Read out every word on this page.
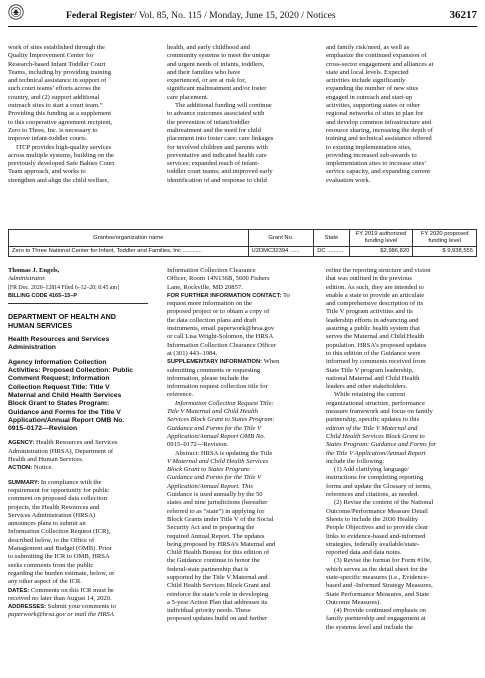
Federal Register/ Vol. 85, No. 115 / Monday, June 15, 2020 / Notices	36217

work of sites established through the

Quality Improvement Center for

Research-based Infant Toddler Court

Teams, including by providing training

and technical assistance in support of

such court teams’ efforts across the

country, and (2) support additional

outreach sites to start a court team.”

Providing this funding as a supplement

to this cooperative agreement recipient,

Zero to Three, Inc. is necessary to

improve infant-toddler courts.

ITCP provides high-quality services

across multiple systems, building on the

previously developed Safe Babies Court

Team approach, and works to

strengthen and align the child welfare,

health, and early childhood and

community systems to meet the unique

and urgent needs of infants, toddlers,

and their families who have

experienced, or are at risk for,

significant maltreatment and/or foster

care placement.

The additional funding will continue

to advance outcomes associated with

the prevention of infant/toddler

maltreatment and the need for child

placement into foster care; care linkages

for involved children and parents with

preventative and indicated health care

services; expanded reach of infant-

toddler court teams; and improved early

identification of and response to child

and family risk/need, as well as

emphasize the continued expansion of

cross-sector engagement and alliances at

state and local levels. Expected

activities include significantly

expanding the number of new sites

engaged in outreach and start-up

activities, supporting states or other

regional networks of sites to plan for

and develop common infrastructure and

resource sharing, increasing the depth of

training and technical assistance offered

to existing implementation sites,

providing increased sub-awards to

implementation sites to increase sites’

service capacity, and expanding current

evaluation work.

Grantee/organization name	Grant No.	State	FY 2019 authorized funding level	FY 2020 proposed funding level
Zero to Three National Center for Infant, Toddler and Families, Inc ............	U2DMC32394 ......	DC ..........	$2,986,820	$ 9,938,555

Thomas J. Engels,

Administrator.

[FR Doc. 2020–12814 Filed 6–12–20; 8:45 am]

BILLING CODE 4165–15–P

DEPARTMENT OF HEALTH AND

HUMAN SERVICES

Health Resources and Services

Administration

Agency Information Collection

Activities: Proposed Collection: Public

Comment Request; Information

Collection Request Title: Title V

Maternal and Child Health Services

Block Grant to States Program:

Guidance and Forms for the Title V

Application/Annual Report OMB No.

0915–0172—Revision

AGENCY: Health Resources and Services

Administration (HRSA), Department of

Health and Human Services.

ACTION: Notice.

SUMMARY: In compliance with the

requirement for opportunity for public

comment on proposed data collection

projects, the Health Resources and

Services Administration (HRSA)

announces plans to submit an

Information Collection Request (ICR),

described below, to the Office of

Management and Budget (OMB). Prior

to submitting the ICR to OMB, HRSA

seeks comments from the public

regarding the burden estimate, below, or

any other aspect of the ICR.

DATES: Comments on this ICR must be

received no later than August 14, 2020.

ADDRESSES: Submit your comments to

paperwork@hrsa.gov or mail the HRSA

Information Collection Clearance

Officer, Room 14N136B, 5600 Fishers

Lane, Rockville, MD 20857.

FOR FURTHER INFORMATION CONTACT: To

request more information on the

proposed project or to obtain a copy of

the data collection plans and draft

instruments, email paperwork@hrsa.gov

or call Lisa Wright-Solomon, the HRSA

Information Collection Clearance Officer

at (301) 443–1984.

SUPPLEMENTARY INFORMATION: When

submitting comments or requesting

information, please include the

information request collection title for

reference.

Information Collection Request Title:

Title V Maternal and Child Health

Services Block Grant to States Program:

Guidance and Forms for the Title V

Application/Annual Report OMB No.

0915–0172—Revision.

Abstract: HRSA is updating the Title

V Maternal and Child Health Services

Block Grant to States Program:

Guidance and Forms for the Title V

Application/Annual Report. This

Guidance is used annually by the 50

states and nine jurisdictions (hereafter

referred to as “state”) in applying for

Block Grants under Title V of the Social

Security Act and in preparing the

required Annual Report. The updates

being proposed by HRSA’s Maternal and

Child Health Bureau for this edition of

the Guidance continue to honor the

federal-state partnership that is

supported by the Title V Maternal and

Child Health Services Block Grant and

reinforce the state’s role in developing

a 5-year Action Plan that addresses its

individual priority needs. These

proposed updates build on and further

refine the reporting structure and vision

that was outlined in the previous

edition. As such, they are intended to

enable a state to provide an articulate

and comprehensive description of its

Title V program activities and its

leadership efforts in advancing and

assuring a public health system that

serves the Maternal and Child Health

population. HRSA’s proposed updates

to this edition of the Guidance were

informed by comments received from

State Title V program leadership,

national Maternal and Child Health

leaders and other stakeholders.

While retaining the current

organizational structure, performance

measure framework and focus on family

partnership, specific updates to this

edition of the Title V Maternal and

Child Health Services Block Grant to

States Program: Guidance and Forms for

the Title V Application/Annual Report

include the following:

(1) Add clarifying language/

instructions for completing reporting

forms and update the Glossary of terms,

references and citations, as needed.

(2) Revise the content of the National

Outcome/Performance Measure Detail

Sheets to include the 2030 Healthy

People Objectives and to provide clear

links to evidence-based and-informed

strategies, federally available/state-

reported data and data notes.

(3) Revise the format for Form #10e,

which serves as the detail sheet for the

state-specific measures (i.e., Evidence-

based and -Informed Strategy Measures,

State Performance Measures, and State

Outcome Measures).

(4) Provide continued emphasis on

family partnership and engagement at

the systems level and include the
